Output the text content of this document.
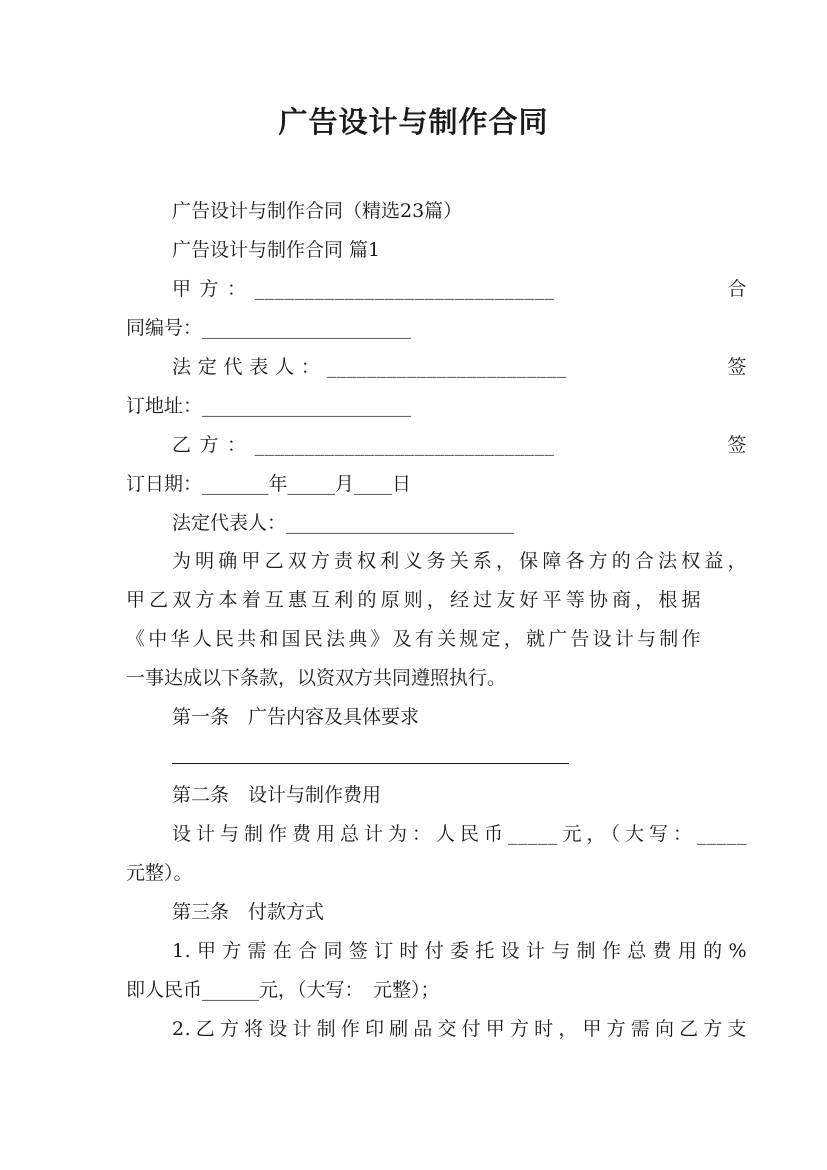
广告设计与制作合同
广告设计与制作合同（精选23篇）
广告设计与制作合同 篇1
甲方：______________________________　　　　　　合
同编号：______________________
法定代表人：________________________　　　　　　签
订地址：______________________
乙方：______________________________　　　　　　签
订日期：_______年_____月____日
法定代表人：________________________
为明确甲乙双方责权利义务关系，保障各方的合法权益，
甲乙双方本着互惠互利的原则，经过友好平等协商，根据
《中华人民共和国民法典》及有关规定，就广告设计与制作
一事达成以下条款，以资双方共同遵照执行。
第一条　广告内容及具体要求
第二条　设计与制作费用
设计与制作费用总计为：人民币_____元，（大写：_____
元整）。
第三条　付款方式
1.甲方需在合同签订时付委托设计与制作总费用的%
即人民币______元，（大写：　元整）；
2.乙方将设计制作印刷品交付甲方时，甲方需向乙方支
